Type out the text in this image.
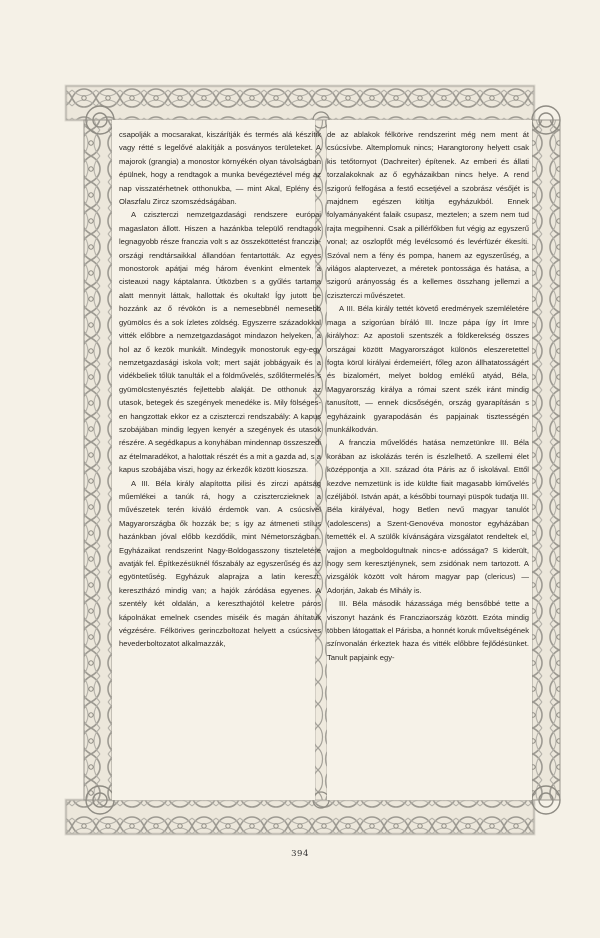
csapolják a mocsarakat, kiszárítják és termés alá készítik vagy rétté s legelővé alakítják a posványos területeket. A majorok (grangia) a monostor környékén olyan távolságban épülnek, hogy a rendtagok a munka bevégeztével még az nap visszatérhetnek otthonukba, — mint Akal, Eplény és Olaszfalu Zircz szomszédságában.

A cziszterczi nemzetgazdasági rendszere európai magaslaton állott. Hiszen a hazánkba települő rendtagok legnagyobb része franczia volt s az összeköttetést francziaországi rendtársaikkal állandóan fentartották. Az egyes monostorok apátjai még három évenkint elmentek a cisteauxi nagy káptalanra. Útközben s a gyűlés tartama alatt mennyit láttak, hallottak és okultak! Így jutott be hozzánk az ő révökön is a nemesebbnél nemesebb gyümölcs és a sok ízletes zöldség. Egyszerre századokkal vitték előbbre a nemzetgazdaságot mindazon helyeken, a hol az ő kezök munkált. Mindegyik monostoruk egy-egy nemzetgazdasági iskola volt; mert saját jobbágyaik és a vidékbeliek tőlük tanulták el a földművelés, szőlőtermelés s gyümölcstenyésztés fejlettebb alakját. De otthonuk az utasok, betegek és szegények menedéke is. Mily fölségesen hangzottak ekkor ez a cziszterczi rendszabály: A kapus szobájában mindig legyen kenyér a szegények és utasok részére. A segédkapus a konyhában mindennap összeszedi az ételmaradékot, a halottak részét és a mit a gazda ad, s a kapus szobájába viszi, hogy az érkezők között kioszsza.

A III. Béla király alapította pilisi és zirczi apátság műemlékei a tanúk rá, hogy a cziszterczieknek a művészetek terén kiváló érdemök van. A csúcsível Magyarországba ők hozzák be; s így az átmeneti stílus hazánkban jóval előbb kezdődik, mint Németországban. Egyházaikat rendszerint Nagy-Boldogasszony tiszteletére avatják fel. Építkezésüknél főszabály az egyszerűség és az egyöntetűség. Egyházuk alaprajza a latin kereszt; keresztházó mindig van; a hajók záródása egyenes. A szentély két oldalán, a kereszthajótól keletre páros kápolnákat emelnek csendes miséik és magán áhítatuk végzésére. Félkörives gerinczboltozat helyett a csúcsives hevederboltozatot alkalmazzák,

de az ablakok félkörive rendszerint még nem ment át csúcsívbe. Altemplomuk nincs; Harangtorony helyett csak kis tetőtornyot (Dachreiter) építenek. Az emberi és állati torzalakoknak az ő egyházaikban nincs helye. A rend szigorú felfogása a festő ecsetjével a szobrász vésőjét is majdnem egészen kitiltja egyházukból. Ennek folyamányaként falaik csupasz, meztelen; a szem nem tud rajta megpihenni. Csak a pillérfőkben fut végig az egyszerű vonal; az oszlopfőt még levélcsomó és levérfüzér ékesíti. Szóval nem a fény és pompa, hanem az egyszerűség, a világos alaptervezet, a méretek pontossága és hatása, a szigorú arányosság és a kellemes összhang jellemzi a cziszterczi művészetet.

A III. Béla király tettét követő eredmények szemléletére maga a szigorúan bíráló III. Incze pápa így írt Imre királyhoz: Az apostoli szentszék a földkerekség összes országai között Magyarországot különös eleszeretettel fogta körül királyai érdemeiért, főleg azon állhatatosságért és bizalomért, melyet boldog emlékű atyád, Béla, Magyarország királya a római szent szék iránt mindig tanusított, — ennek dicsőségén, ország gyarapításán s egyházaink gyarapodásán és papjainak tisztességén munkálkodván.

A franczia művelődés hatása nemzetünkre III. Béla korában az iskolázás terén is észlelhető. A szellemi élet középpontja a XII. század óta Páris az ő iskolával. Ettől kezdve nemzetünk is ide küldte fiait magasabb kiművelés czéljából. István apát, a későbbi tournayi püspök tudatja III. Béla királyéval, hogy Betlen nevű magyar tanulót (adolescens) a Szent-Genovéva monostor egyházában temették el. A szülők kívánságára vizsgálatot rendeltek el, vajjon a megboldogultnak nincs-e adóssága? S kiderült, hogy sem keresztjénynek, sem zsidónak nem tartozott. A vizsgálók között volt három magyar pap (clericus) — Adorján, Jakab és Mihály is.

III. Béla második házassága még bensőbbé tette a viszonyt hazánk és Francziaország között. Ezóta mindig többen látogattak el Párisba, a honnét koruk műveltségének színvonalán érkeztek haza és vitték előbbre fejlődésünket. Tanult papjaink egy-

394
